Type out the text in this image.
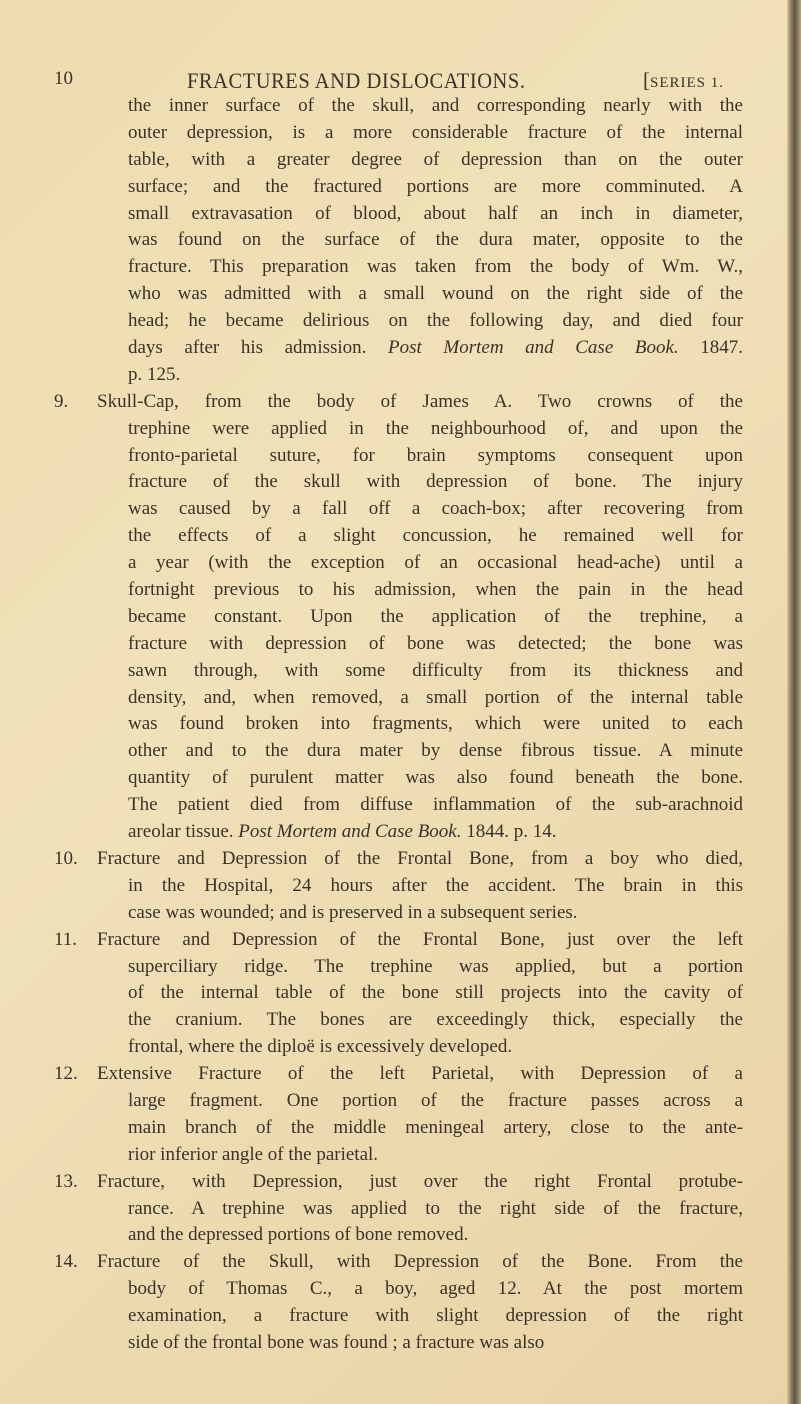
10	FRACTURES AND DISLOCATIONS.	[SERIES 1.
the inner surface of the skull, and corresponding nearly with the
outer depression, is a more considerable fracture of the internal
table, with a greater degree of depression than on the outer
surface; and the fractured portions are more comminuted. A
small extravasation of blood, about half an inch in diameter,
was found on the surface of the dura mater, opposite to the
fracture. This preparation was taken from the body of Wm. W.,
who was admitted with a small wound on the right side of the
head; he became delirious on the following day, and died four
days after his admission. Post Mortem and Case Book. 1847.
p. 125.
9. Skull-Cap, from the body of James A. Two crowns of the
trephine were applied in the neighbourhood of, and upon the
fronto-parietal suture, for brain symptoms consequent upon
fracture of the skull with depression of bone. The injury
was caused by a fall off a coach-box; after recovering from
the effects of a slight concussion, he remained well for
a year (with the exception of an occasional head-ache) until a
fortnight previous to his admission, when the pain in the head
became constant. Upon the application of the trephine, a
fracture with depression of bone was detected; the bone was
sawn through, with some difficulty from its thickness and
density, and, when removed, a small portion of the internal table
was found broken into fragments, which were united to each
other and to the dura mater by dense fibrous tissue. A minute
quantity of purulent matter was also found beneath the bone.
The patient died from diffuse inflammation of the sub-arachnoid
areolar tissue. Post Mortem and Case Book. 1844. p. 14.
10. Fracture and Depression of the Frontal Bone, from a boy who died,
in the Hospital, 24 hours after the accident. The brain in this
case was wounded; and is preserved in a subsequent series.
11. Fracture and Depression of the Frontal Bone, just over the left
superciliary ridge. The trephine was applied, but a portion
of the internal table of the bone still projects into the cavity of
the cranium. The bones are exceedingly thick, especially the
frontal, where the diploë is excessively developed.
12. Extensive Fracture of the left Parietal, with Depression of a
large fragment. One portion of the fracture passes across a
main branch of the middle meningeal artery, close to the ante-
rior inferior angle of the parietal.
13. Fracture, with Depression, just over the right Frontal protube-
rance. A trephine was applied to the right side of the fracture,
and the depressed portions of bone removed.
14. Fracture of the Skull, with Depression of the Bone. From the
body of Thomas C., a boy, aged 12. At the post mortem
examination, a fracture with slight depression of the right
side of the frontal bone was found ; a fracture was also
